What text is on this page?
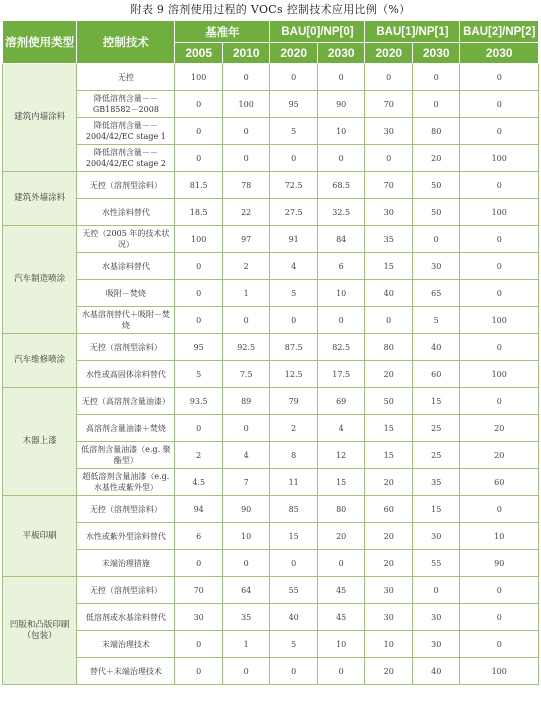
附表 9 溶剂使用过程的 VOCs 控制技术应用比例（%）
溶剂使用类型	控制技术	基准年		BAU[0]/NP[0]		BAU[1]/NP[1]		BAU[2]/NP[2]
		2005	2010	2020	2030	2020	2030	2030
建筑内墙涂料	无控	100	0	0	0	0	0	0
	降低溶剂含量－－GB18582－2008	0	100	95	90	70	0	0
	降低溶剂含量－－2004/42/EC stage 1	0	0	5	10	30	80	0
	降低溶剂含量－－2004/42/EC stage 2	0	0	0	0	0	20	100
建筑外墙涂料	无控（溶剂型涂料）	81.5	78	72.5	68.5	70	50	0
	水性涂料替代	18.5	22	27.5	32.5	30	50	100
汽车制造喷涂	无控（2005 年的技术状况）	100	97	91	84	35	0	0
	水基涂料替代	0	2	4	6	15	30	0
	吸附－焚烧	0	1	5	10	40	65	0
	水基溶剂替代＋吸附－焚烧	0	0	0	0	0	5	100
汽车维修喷涂	无控（溶剂型涂料）	95	92.5	87.5	82.5	80	40	0
	水性或高固体涂料替代	5	7.5	12.5	17.5	20	60	100
木器上漆	无控（高溶剂含量油漆）	93.5	89	79	69	50	15	0
	高溶剂含量油漆＋焚烧	0	0	2	4	15	25	20
	低溶剂含量油漆（e.g. 聚酯型）	2	4	8	12	15	25	20
	超低溶剂含量油漆（e.g. 水基性或紫外型）	4.5	7	11	15	20	35	60
平板印刷	无控（溶剂型涂料）	94	90	85	80	60	15	0
	水性或紫外型涂料替代	6	10	15	20	20	30	10
	末端治理措施	0	0	0	0	20	55	90
凹版和凸版印刷（包装）	无控（溶剂型涂料）	70	64	55	45	30	0	0
	低溶剂或水基涂料替代	30	35	40	45	30	30	0
	末端治理技术	0	1	5	10	10	30	0
	替代＋末端治理技术	0	0	0	0	20	40	100
